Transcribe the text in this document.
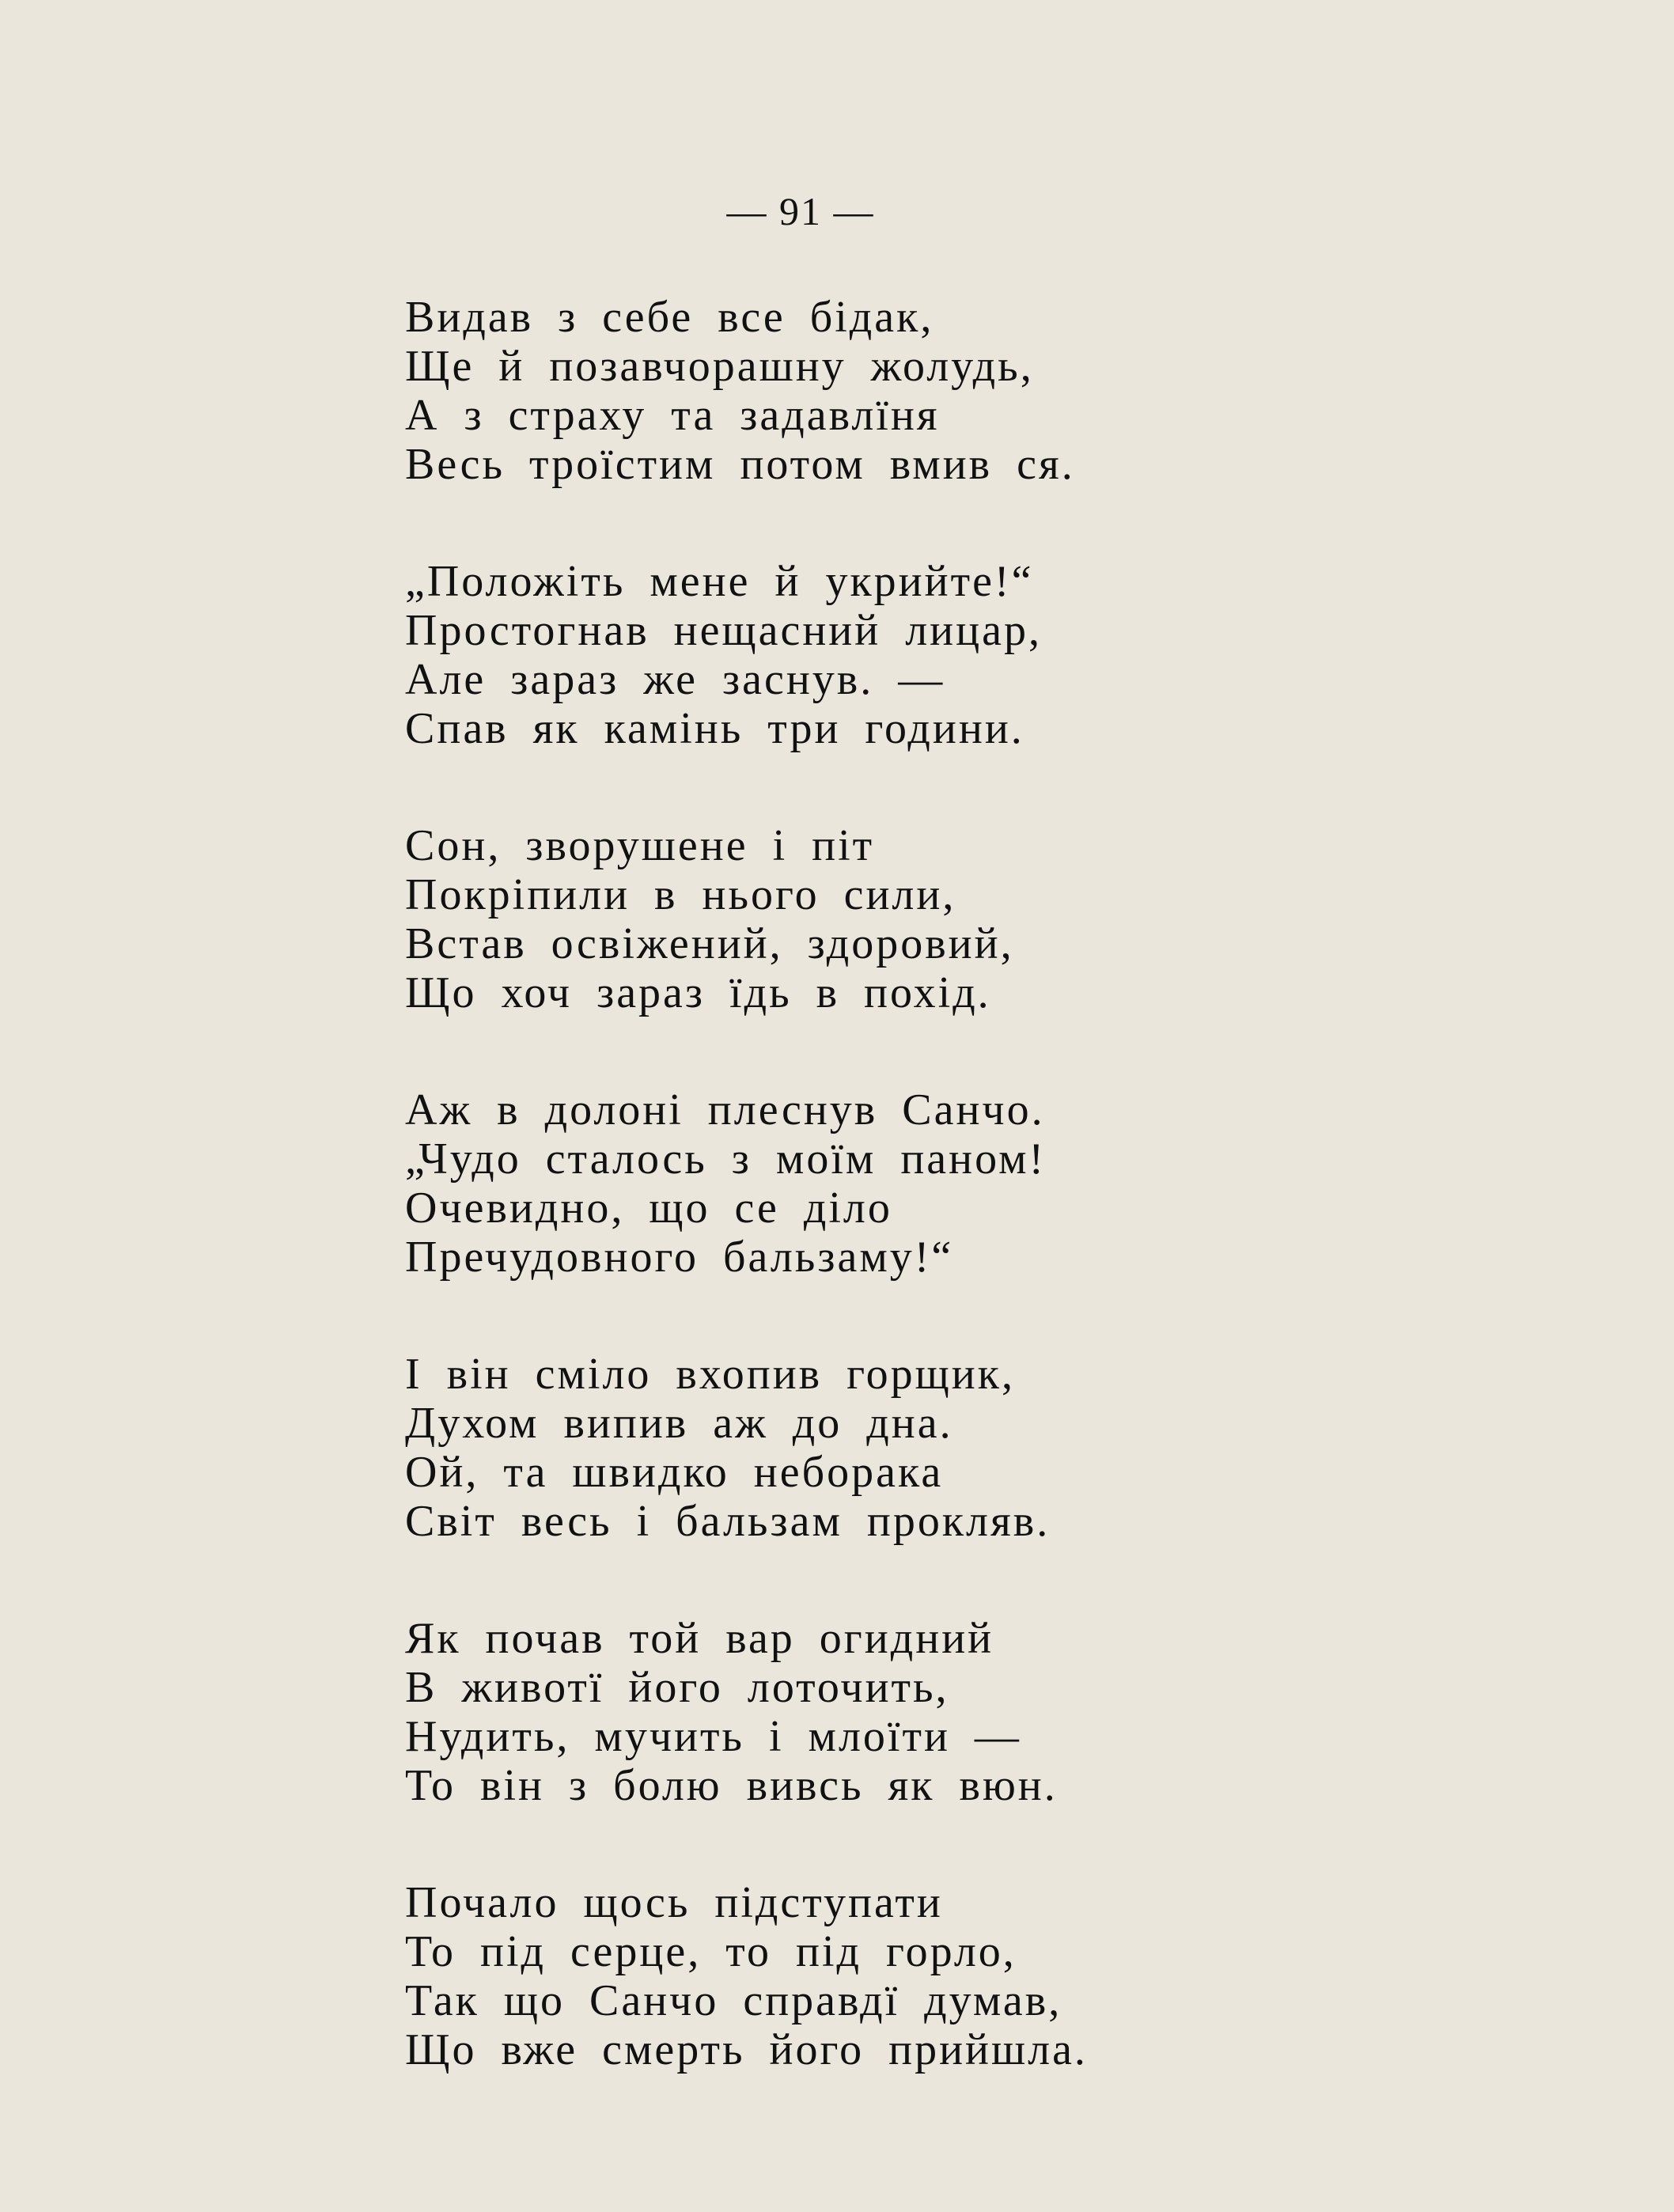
— 91 —
Видав з себе все бідак,
Ще й позавчорашну жолудь,
А з страху та задавлїня
Весь троїстим потом вмив ся.
„Положіть мене й укрийте!“
Простогнав нещасний лицар,
Але зараз же заснув. —
Спав як камінь три години.
Сон, зворушене і піт
Покріпили в нього сили,
Встав освіжений, здоровий,
Що хоч зараз їдь в похід.
Аж в долоні плеснув Санчо.
„Чудо сталось з моїм паном!
Очевидно, що се діло
Пречудовного бальзаму!“
І він сміло вхопив горщик,
Духом випив аж до дна.
Ой, та швидко неборака
Світ весь і бальзам прокляв.
Як почав той вар огидний
В животї його лоточить,
Нудить, мучить і млоїти —
То він з болю вивсь як вюн.
Почало щось підступати
То під серце, то під горло,
Так що Санчо справдї думав,
Що вже смерть його прийшла.
